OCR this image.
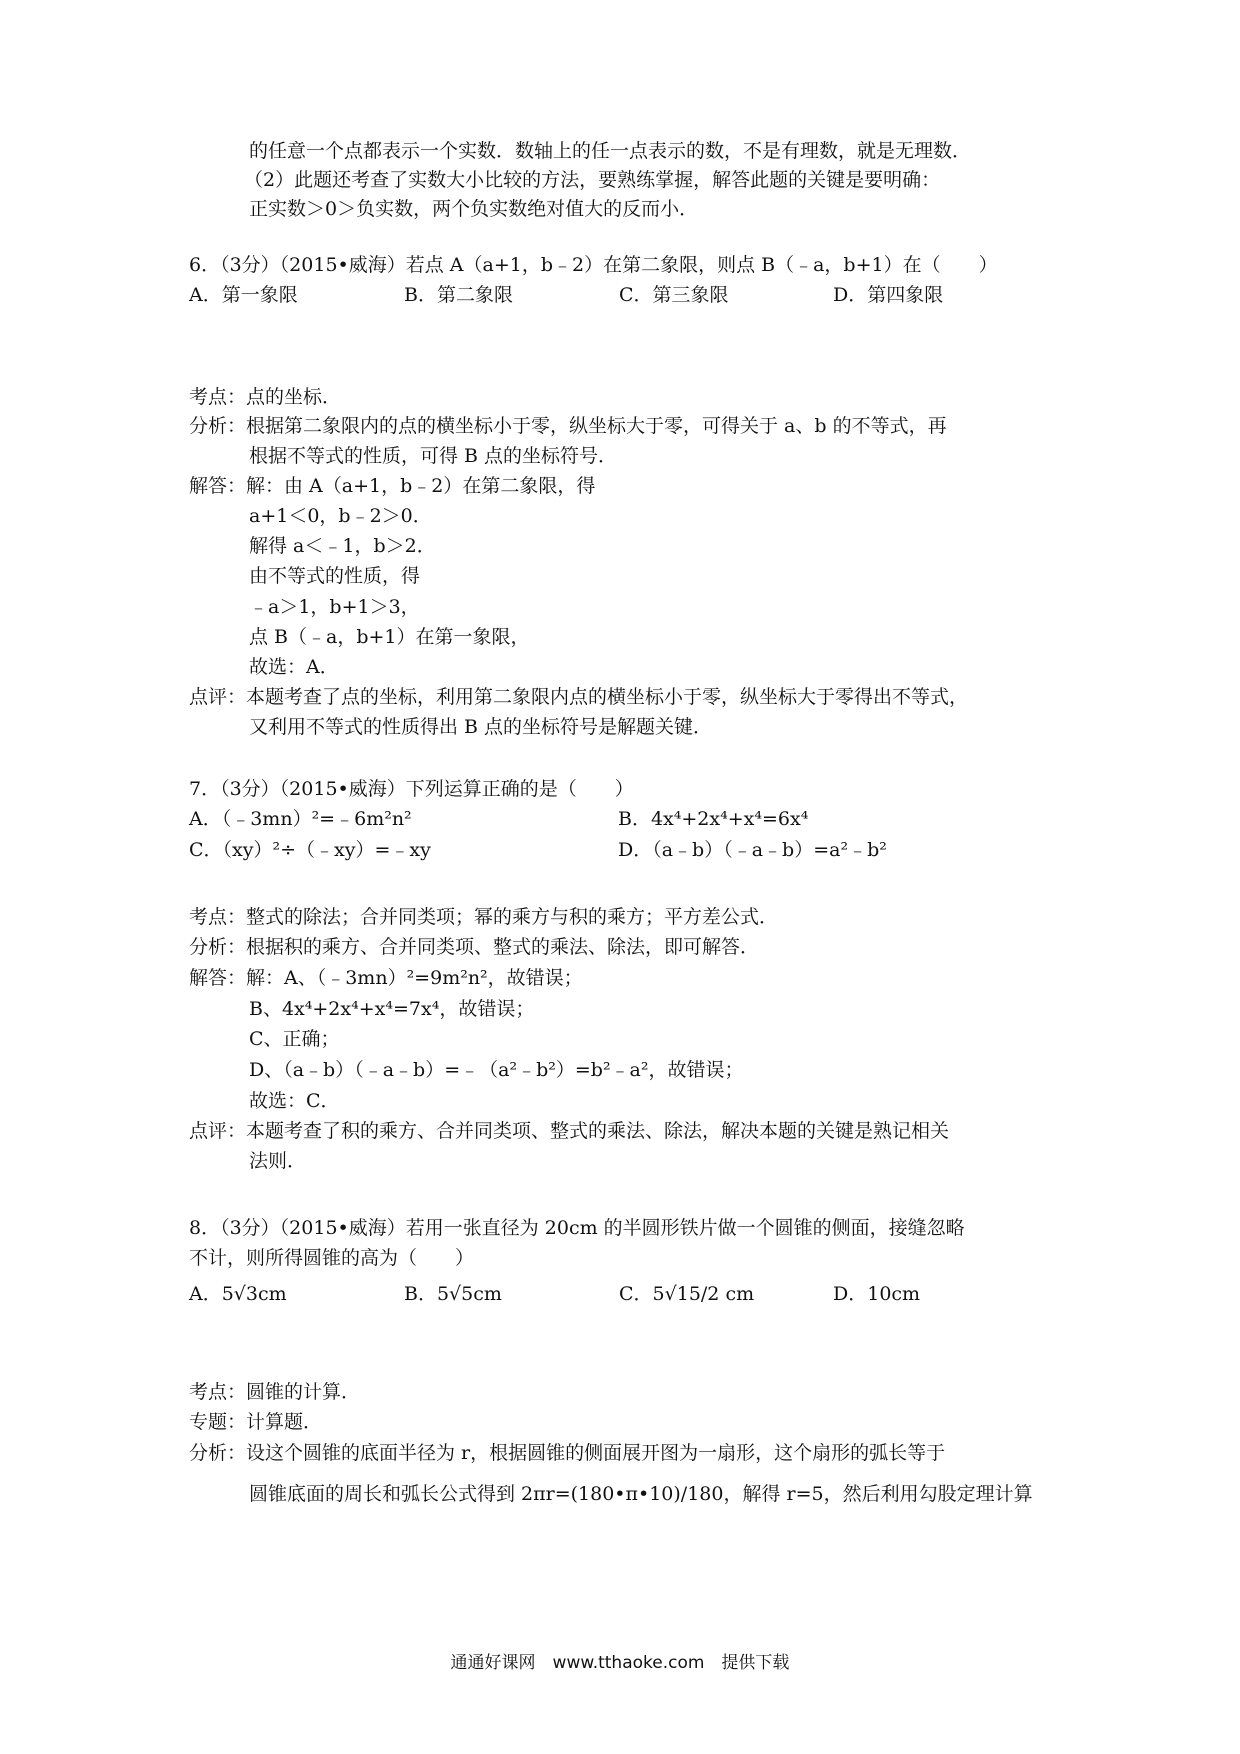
的任意一个点都表示一个实数．数轴上的任一点表示的数，不是有理数，就是无理数．
（2）此题还考查了实数大小比较的方法，要熟练掌握，解答此题的关键是要明确：
正实数＞0＞负实数，两个负实数绝对值大的反而小．
6．（3分）（2015•威海）若点 A（a+1，b﹣2）在第二象限，则点 B（﹣a，b+1）在（　　）
A．第一象限	B．第二象限	C．第三象限	D．第四象限
考点：点的坐标．
分析：根据第二象限内的点的横坐标小于零，纵坐标大于零，可得关于 a、b 的不等式，再
根据不等式的性质，可得 B 点的坐标符号．
解答：解：由 A（a+1，b﹣2）在第二象限，得
a+1＜0，b﹣2＞0．
解得 a＜﹣1，b＞2．
由不等式的性质，得
﹣a＞1，b+1＞3，
点 B（﹣a，b+1）在第一象限，
故选：A．
点评：本题考查了点的坐标，利用第二象限内点的横坐标小于零，纵坐标大于零得出不等式，
又利用不等式的性质得出 B 点的坐标符号是解题关键．
7．（3分）（2015•威海）下列运算正确的是（　　）
A．（﹣3mn）²=﹣6m²n²	B．4x⁴+2x⁴+x⁴=6x⁴
C．（xy）²÷（﹣xy）=﹣xy	D．（a﹣b）（﹣a﹣b）=a²﹣b²
考点：整式的除法；合并同类项；幂的乘方与积的乘方；平方差公式．
分析：根据积的乘方、合并同类项、整式的乘法、除法，即可解答．
解答：解：A、（﹣3mn）²=9m²n²，故错误；
B、4x⁴+2x⁴+x⁴=7x⁴，故错误；
C、正确；
D、（a﹣b）（﹣a﹣b）=﹣（a²﹣b²）=b²﹣a²，故错误；
故选：C．
点评：本题考查了积的乘方、合并同类项、整式的乘法、除法，解决本题的关键是熟记相关
法则．
8．（3分）（2015•威海）若用一张直径为 20cm 的半圆形铁片做一个圆锥的侧面，接缝忽略
不计，则所得圆锥的高为（　　）
A．5√3cm	B．5√5cm	C．5√15/2 cm	D．10cm
考点：圆锥的计算．
专题：计算题．
分析：设这个圆锥的底面半径为 r，根据圆锥的侧面展开图为一扇形，这个扇形的弧长等于
圆锥底面的周长和弧长公式得到 2πr=(180•π•10)/180，解得 r=5，然后利用勾股定理计算
通通好课网　www.tthaoke.com　提供下载
